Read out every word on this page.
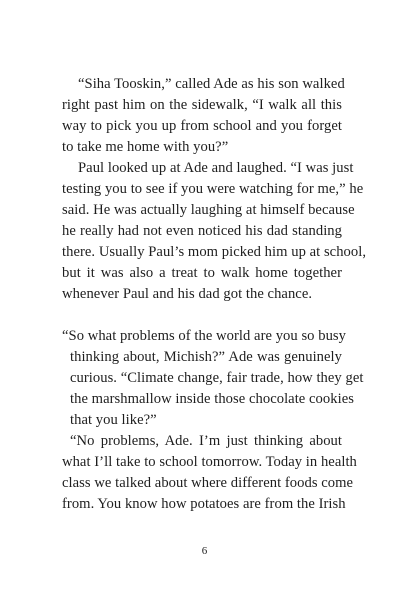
“Siha Tooskin,” called Ade as his son walked
right past him on the sidewalk, “I walk all this
way to pick you up from school and you forget
to take me home with you?”
Paul looked up at Ade and laughed. “I was just
testing you to see if you were watching for me,” he
said. He was actually laughing at himself because
he really had not even noticed his dad standing
there. Usually Paul’s mom picked him up at school,
but it was also a treat to walk home together
whenever Paul and his dad got the chance.
“So what problems of the world are you so busy
thinking about, Michish?” Ade was genuinely
curious. “Climate change, fair trade, how they get
the marshmallow inside those chocolate cookies
that you like?”
“No problems, Ade. I’m just thinking about
what I’ll take to school tomorrow. Today in health
class we talked about where different foods come
from. You know how potatoes are from the Irish
6
